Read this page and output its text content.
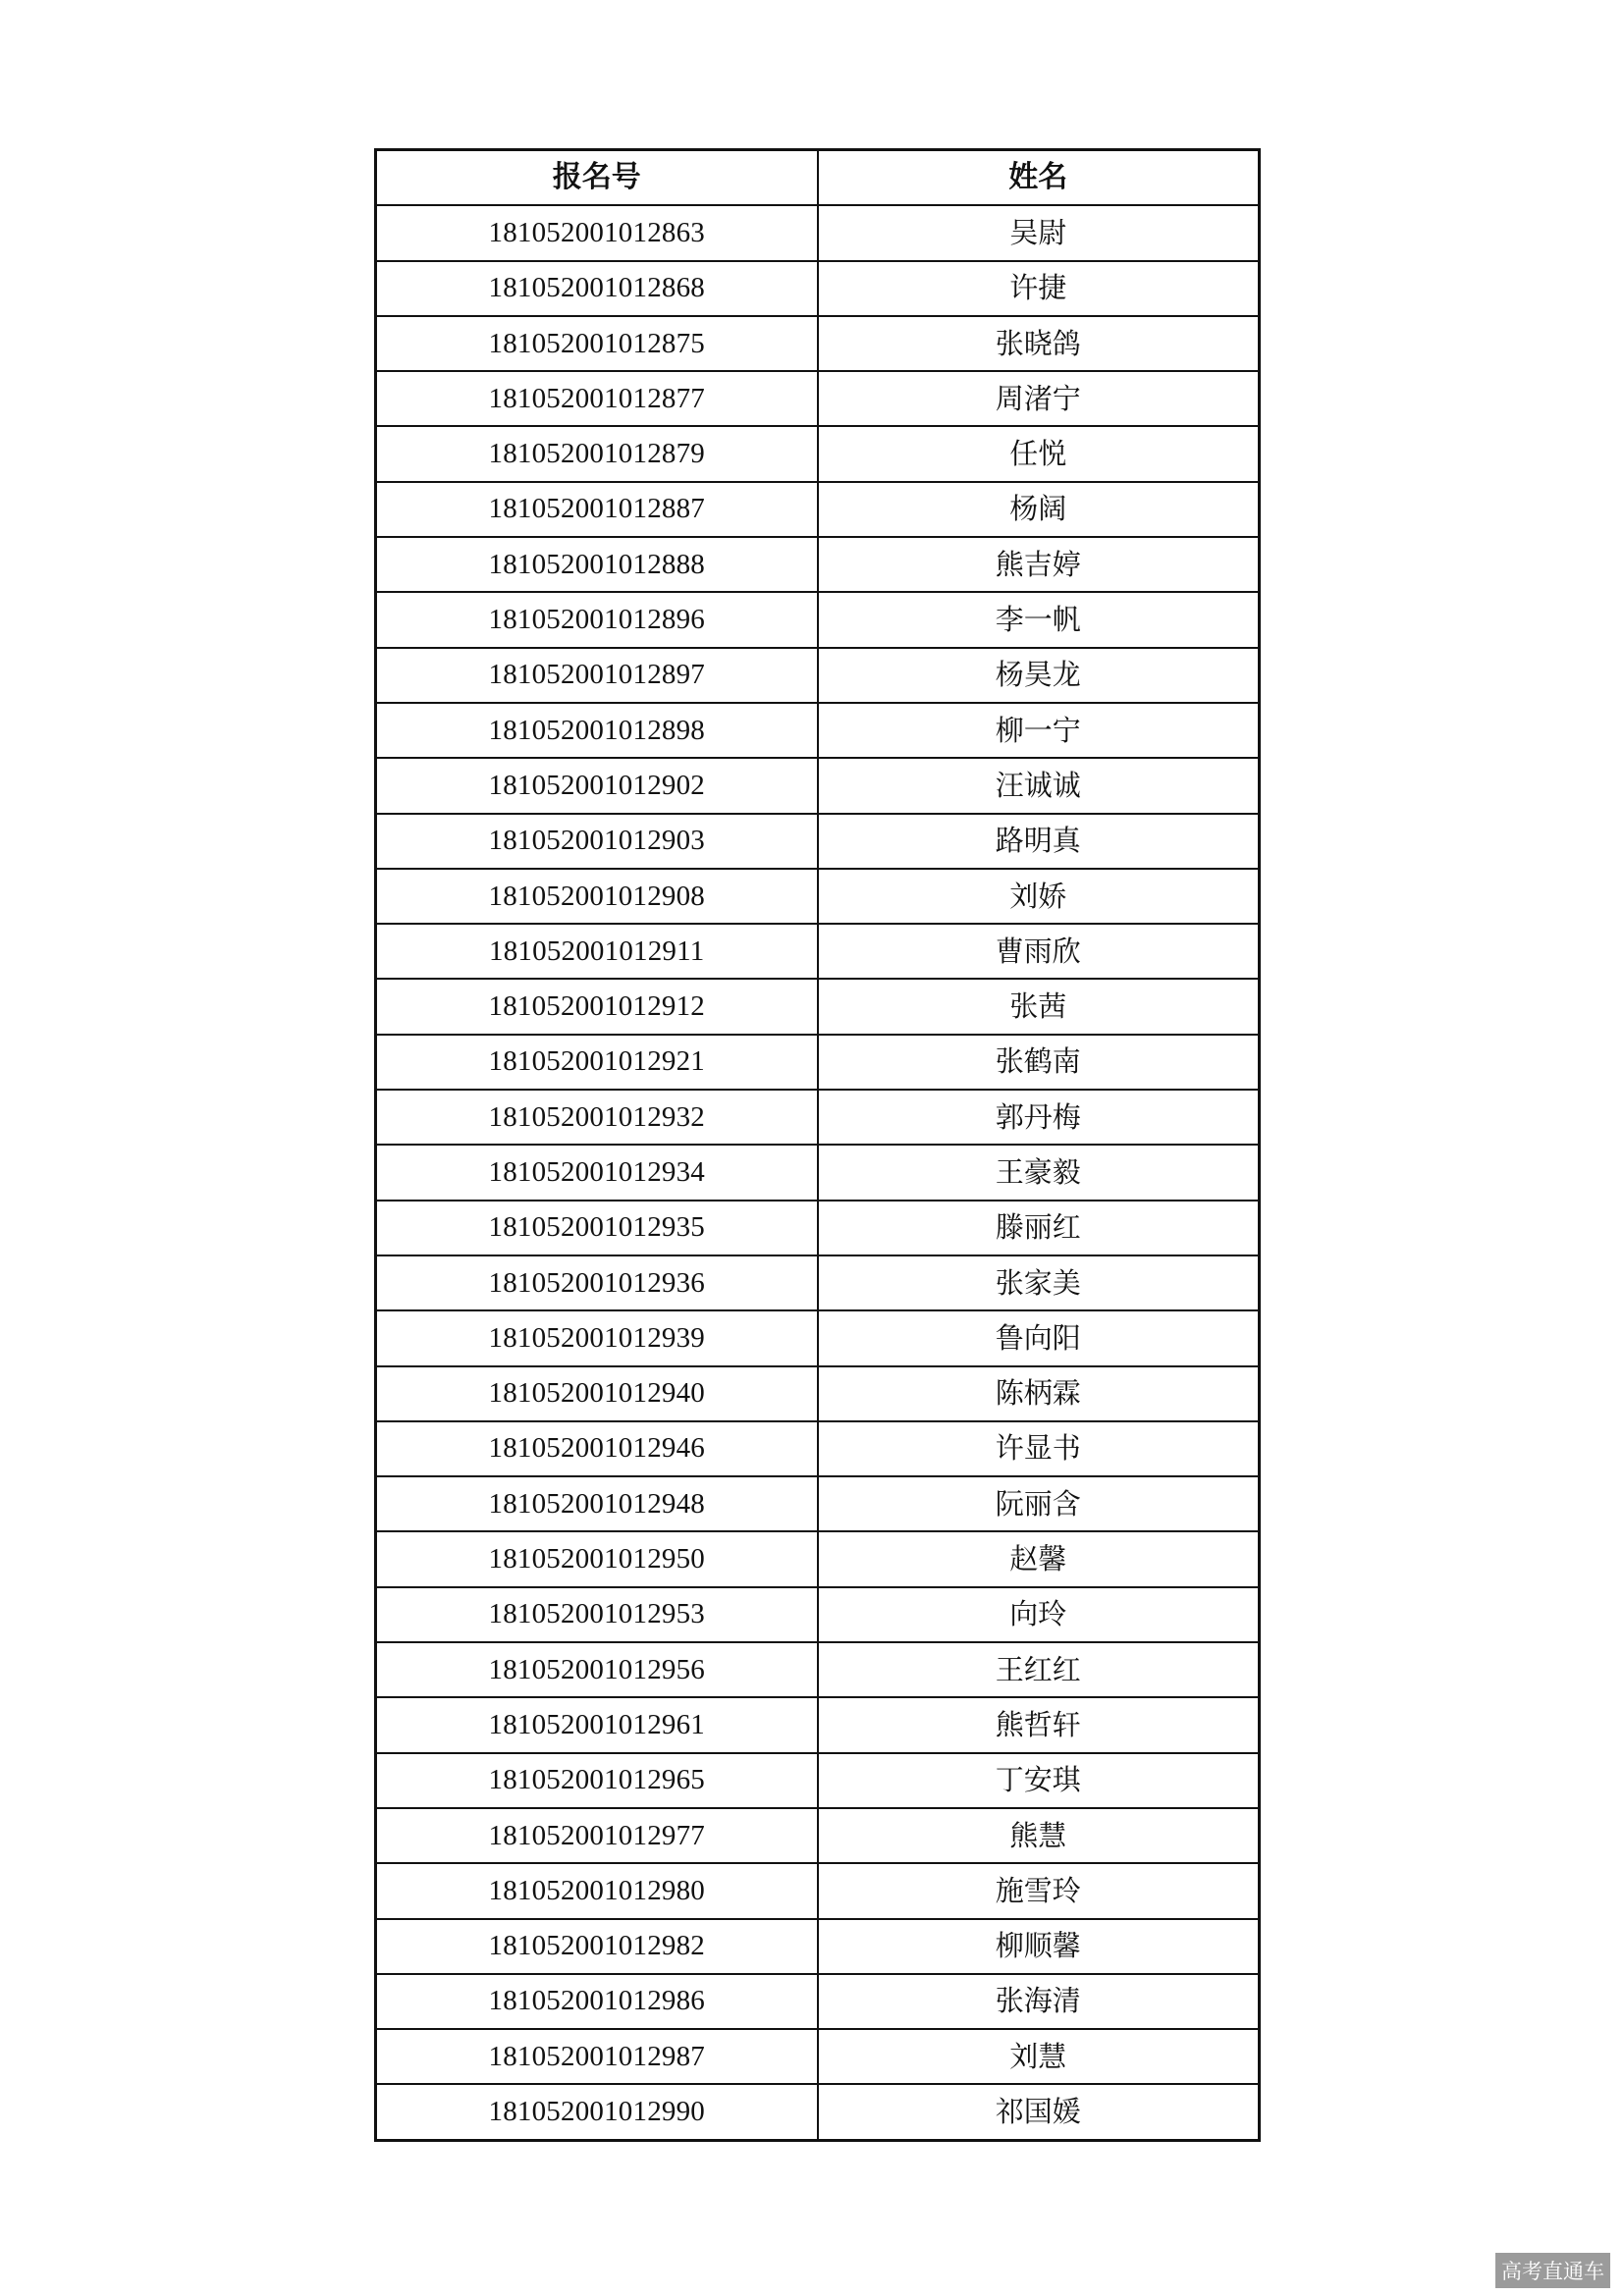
报名号	姓名
181052001012863	吴尉
181052001012868	许捷
181052001012875	张晓鸽
181052001012877	周渚宁
181052001012879	任悦
181052001012887	杨阔
181052001012888	熊吉婷
181052001012896	李一帆
181052001012897	杨昊龙
181052001012898	柳一宁
181052001012902	汪诚诚
181052001012903	路明真
181052001012908	刘娇
181052001012911	曹雨欣
181052001012912	张茜
181052001012921	张鹤南
181052001012932	郭丹梅
181052001012934	王豪毅
181052001012935	滕丽红
181052001012936	张家美
181052001012939	鲁向阳
181052001012940	陈柄霖
181052001012946	许显书
181052001012948	阮丽含
181052001012950	赵馨
181052001012953	向玲
181052001012956	王红红
181052001012961	熊哲轩
181052001012965	丁安琪
181052001012977	熊慧
181052001012980	施雪玲
181052001012982	柳顺馨
181052001012986	张海清
181052001012987	刘慧
181052001012990	祁国媛
高考直通车
